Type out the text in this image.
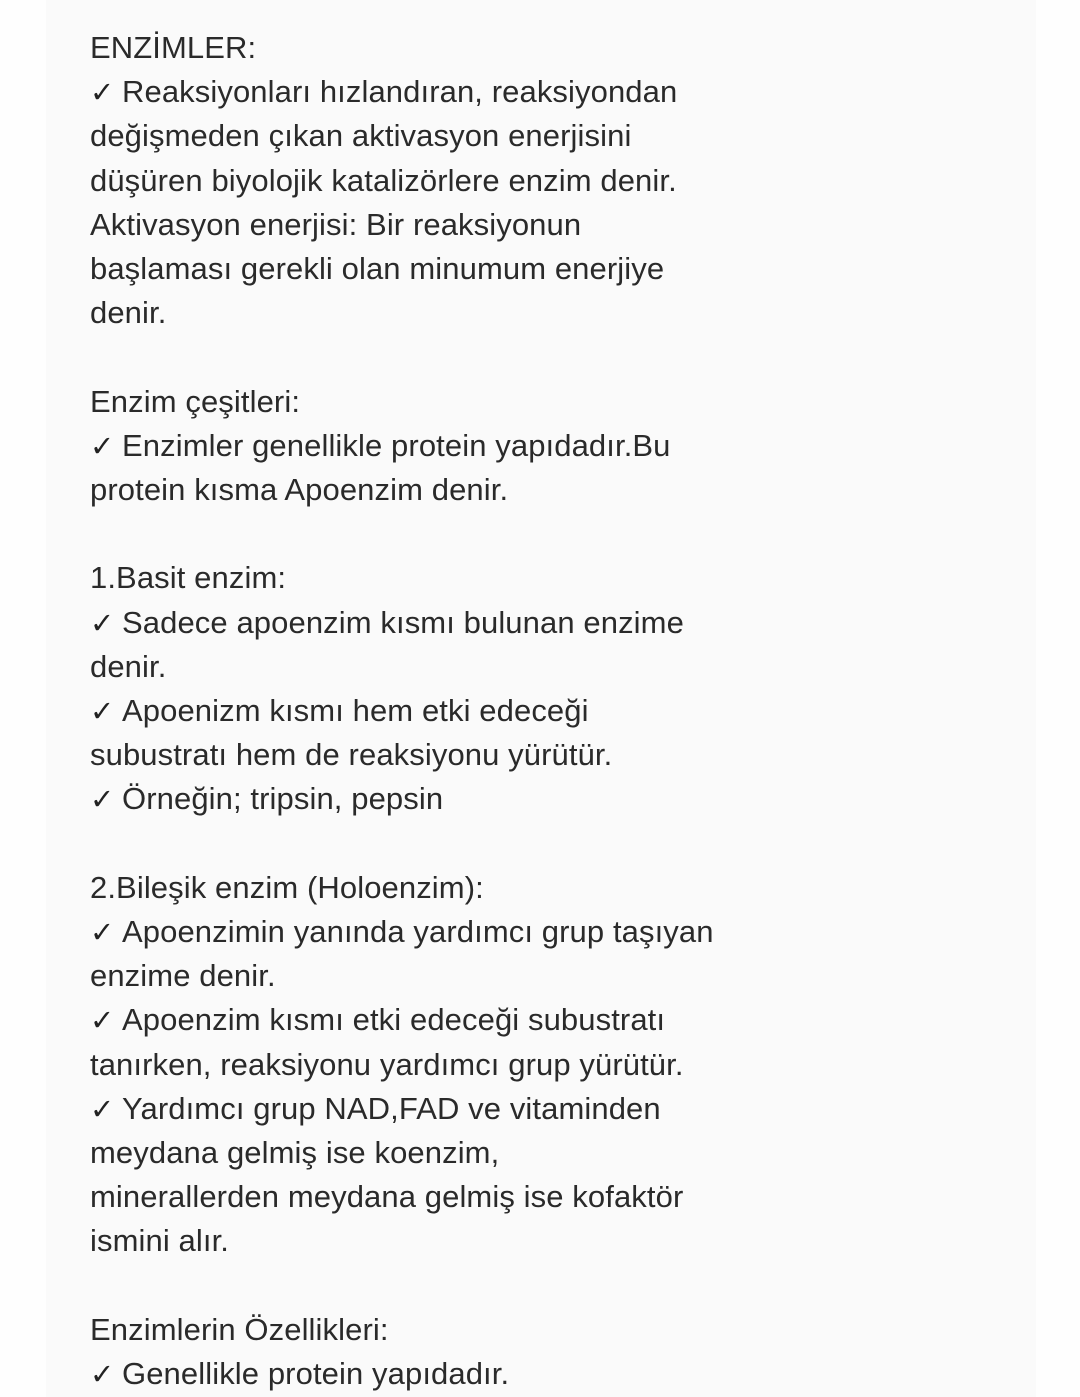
ENZİMLER:
✓ Reaksiyonları hızlandıran, reaksiyondan
değişmeden çıkan aktivasyon enerjisini
düşüren biyolojik katalizörlere enzim denir.
Aktivasyon enerjisi: Bir reaksiyonun
başlaması gerekli olan minumum enerjiye
denir.
Enzim çeşitleri:
✓ Enzimler genellikle protein yapıdadır.Bu
protein kısma Apoenzim denir.
1.Basit enzim:
✓ Sadece apoenzim kısmı bulunan enzime
denir.
✓ Apoenizm kısmı hem etki edeceği
subustratı hem de reaksiyonu yürütür.
✓ Örneğin; tripsin, pepsin
2.Bileşik enzim (Holoenzim):
✓ Apoenzimin yanında yardımcı grup taşıyan
enzime denir.
✓ Apoenzim kısmı etki edeceği subustratı
tanırken, reaksiyonu yardımcı grup yürütür.
✓ Yardımcı grup NAD,FAD ve vitaminden
meydana gelmiş ise koenzim,
minerallerden meydana gelmiş ise kofaktör
ismini alır.
Enzimlerin Özellikleri:
✓ Genellikle protein yapıdadır.
